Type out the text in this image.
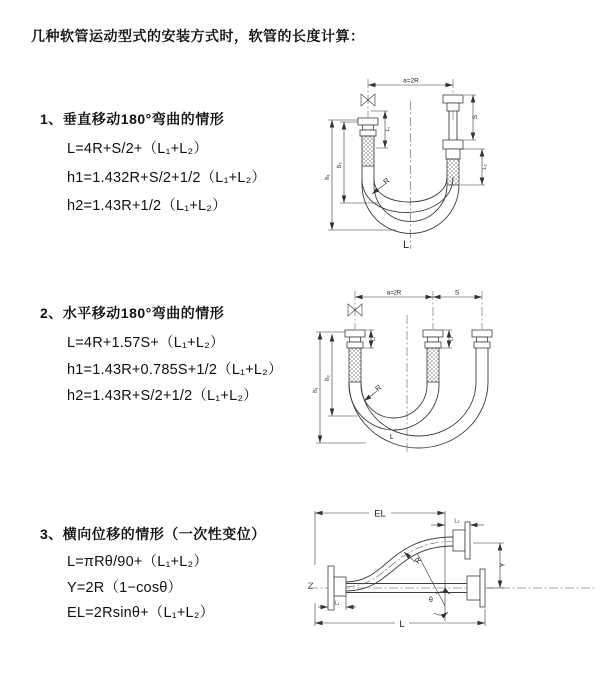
几种软管运动型式的安装方式时，软管的长度计算：
1、垂直移动180°弯曲的情形
L=4R+S/2+（L₁+L₂）
h1=1.432R+S/2+1/2（L₁+L₂）
h2=1.43R+1/2（L₁+L₂）
a=2R
h₁
h₂
L₁
S
L₂
R
L
2、水平移动180°弯曲的情形
L=4R+1.57S+（L₁+L₂）
h1=1.43R+0.785S+1/2（L₁+L₂）
h2=1.43R+S/2+1/2（L₁+L₂）
a=2R	S
h₁
h₂
L₁	L₂
R
L
3、横向位移的情形（一次性变位）
L=πRθ/90+（L₁+L₂）
Y=2R（1−cosθ）
EL=2Rsinθ+（L₁+L₂）
EL
L₂
Y
R
θ
L
L₁
